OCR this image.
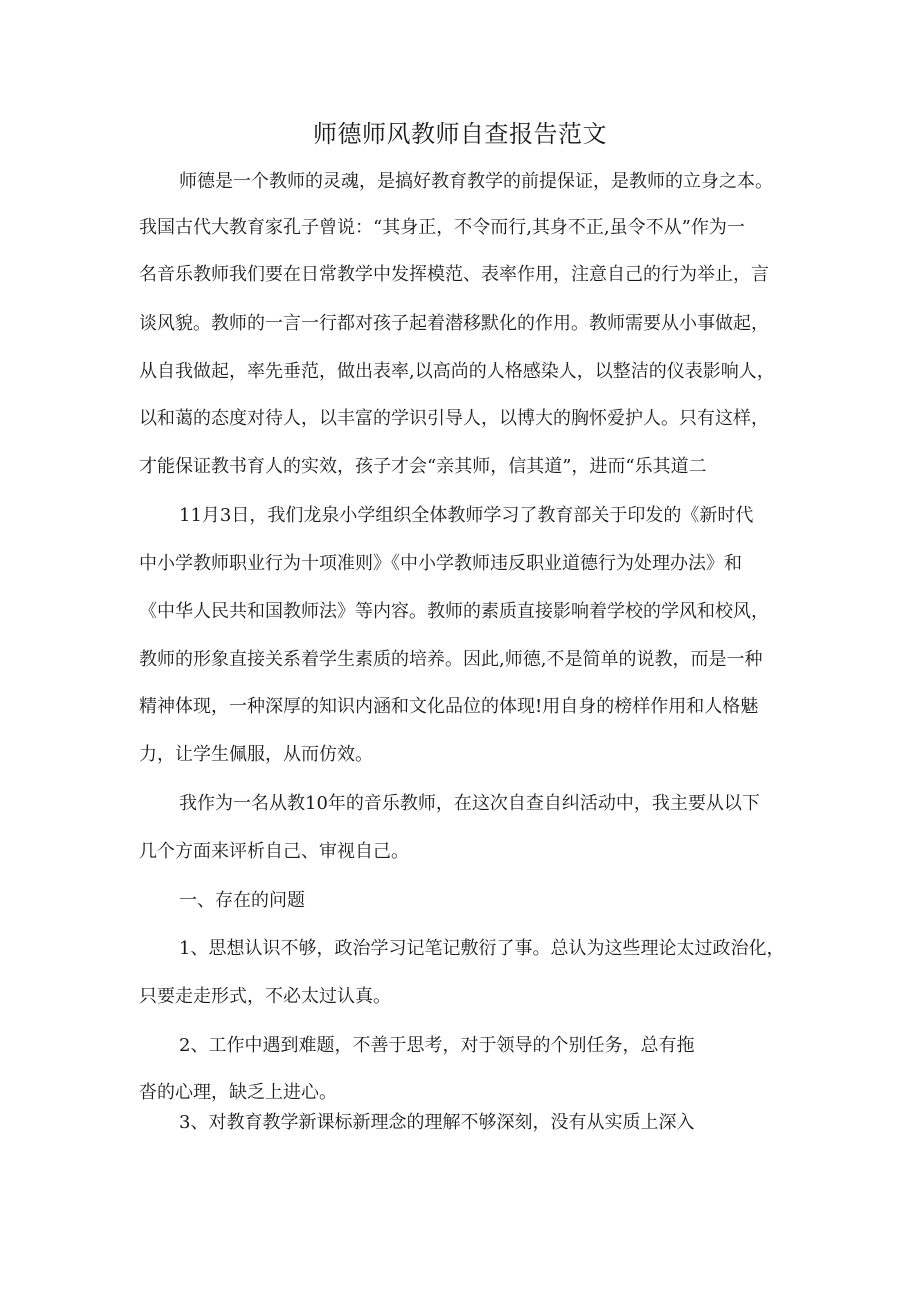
师德师风教师自查报告范文

师德是一个教师的灵魂，是搞好教育教学的前提保证，是教师的立身之本。

我国古代大教育家孔子曾说：“其身正，不令而行,其身不正,虽令不从”作为一

名音乐教师我们要在日常教学中发挥模范、表率作用，注意自己的行为举止，言

谈风貌。教师的一言一行都对孩子起着潜移默化的作用。教师需要从小事做起，

从自我做起，率先垂范，做出表率,以高尚的人格感染人，以整洁的仪表影响人，

以和蔼的态度对待人，以丰富的学识引导人，以博大的胸怀爱护人。只有这样，

才能保证教书育人的实效，孩子才会“亲其师，信其道”，进而“乐其道二

11月3日，我们龙泉小学组织全体教师学习了教育部关于印发的《新时代

中小学教师职业行为十项准则》《中小学教师违反职业道德行为处理办法》和

《中华人民共和国教师法》等内容。教师的素质直接影响着学校的学风和校风，

教师的形象直接关系着学生素质的培养。因此,师德,不是简单的说教，而是一种

精神体现，一种深厚的知识内涵和文化品位的体现!用自身的榜样作用和人格魅

力，让学生佩服，从而仿效。

我作为一名从教10年的音乐教师，在这次自查自纠活动中，我主要从以下

几个方面来评析自己、审视自己。

一、存在的问题

1、思想认识不够，政治学习记笔记敷衍了事。总认为这些理论太过政治化，

只要走走形式，不必太过认真。

2、工作中遇到难题，不善于思考，对于领导的个别任务，总有拖

沓的心理，缺乏上进心。

3、对教育教学新课标新理念的理解不够深刻，没有从实质上深入
